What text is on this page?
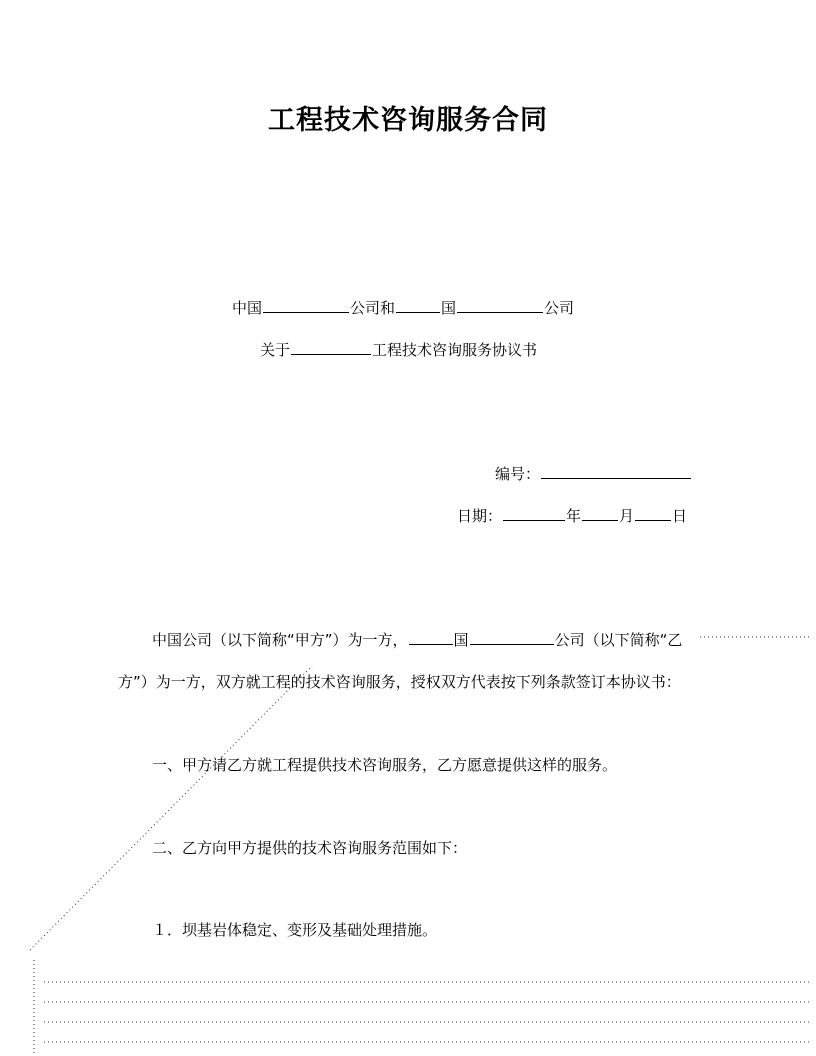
工程技术咨询服务合同
中国	公司和	国	公司
关于	工程技术咨询服务协议书
编号：
日期：	年	月	日
中国公司（以下简称“甲方”）为一方，	国	公司（以下简称“乙
方”）为一方，双方就工程的技术咨询服务，授权双方代表按下列条款签订本协议书：
一、甲方请乙方就工程提供技术咨询服务，乙方愿意提供这样的服务。
二、乙方向甲方提供的技术咨询服务范围如下：
１．坝基岩体稳定、变形及基础处理措施。
